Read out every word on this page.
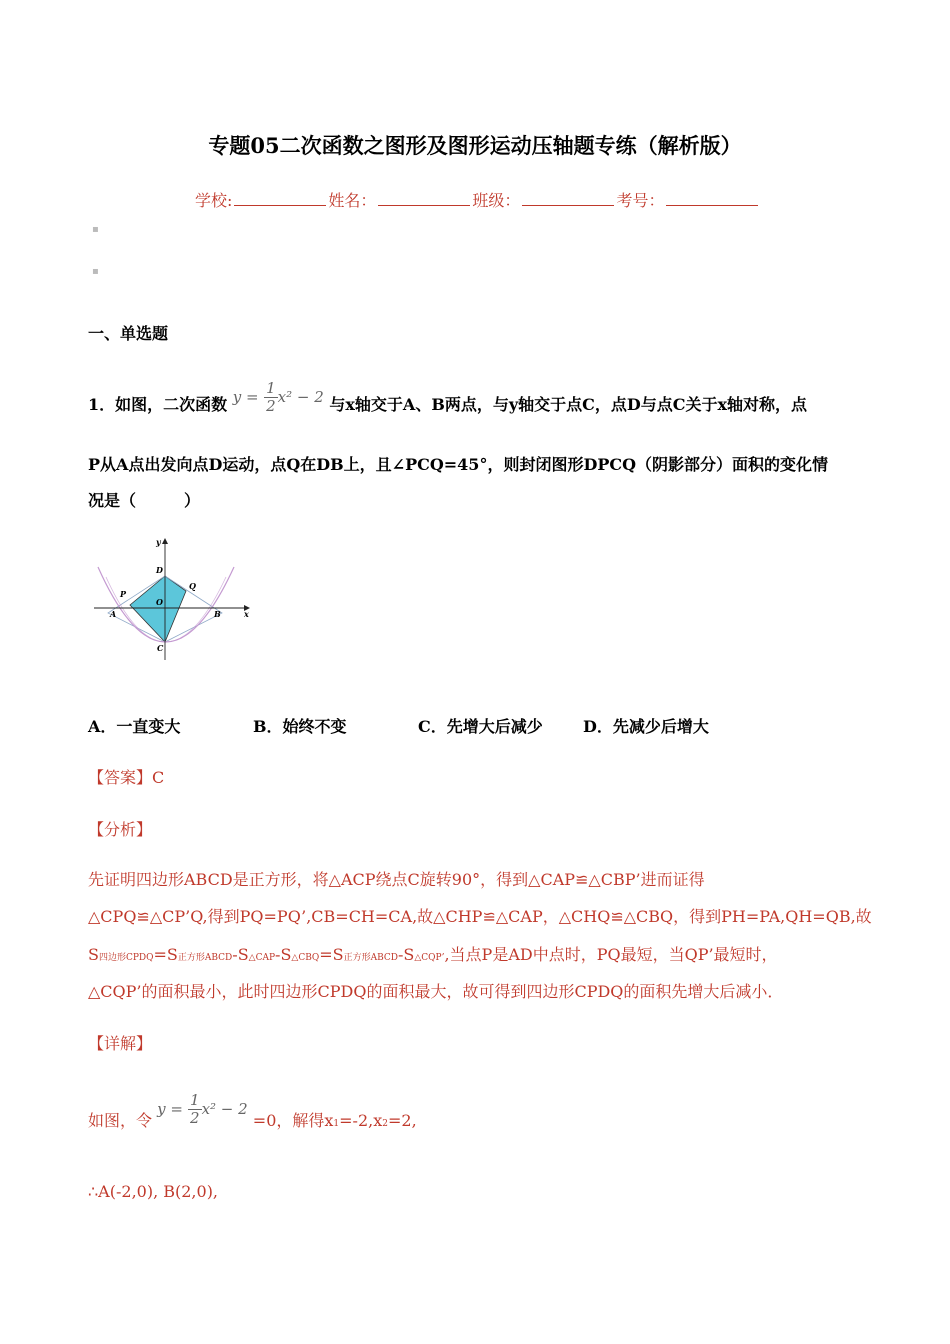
专题05二次函数之图形及图形运动压轴题专练（解析版）
学校:	姓名：	班级：	考号：
▪
▪
一、单选题
1．如图，二次函数 $y = \frac{1}{2} x^2 - 2$ 与x轴交于A、B两点，与y轴交于点C，点D与点C关于x轴对称，点
P从A点出发向点D运动，点Q在DB上，且∠PCQ=45°，则封闭图形DPCQ（阴影部分）面积的变化情
况是（　　　）
y
x
D
P
Q
O
A	B
C
A．一直变大	B．始终不变	C．先增大后减少	D．先减少后增大
【答案】C
【分析】
先证明四边形ABCD是正方形，将△ACP绕点C旋转90°，得到△CAP≌△CBP’进而证得
△CPQ≌△CP’Q,得到PQ=PQ’,CB=CH=CA,故△CHP≌△CAP，△CHQ≌△CBQ，得到PH=PA,QH=QB,故
S四边形CPDQ=S正方形ABCD-S△CAP-S△CBQ=S正方形ABCD-S△CQP’,当点P是AD中点时，PQ最短，当QP’最短时，
△CQP’的面积最小，此时四边形CPDQ的面积最大，故可得到四边形CPDQ的面积先增大后减小．
【详解】
如图，令 $y = \frac{1}{2} x^2 - 2 =0$，解得x1=-2,x2=2,
∴A(-2,0), B(2,0),
